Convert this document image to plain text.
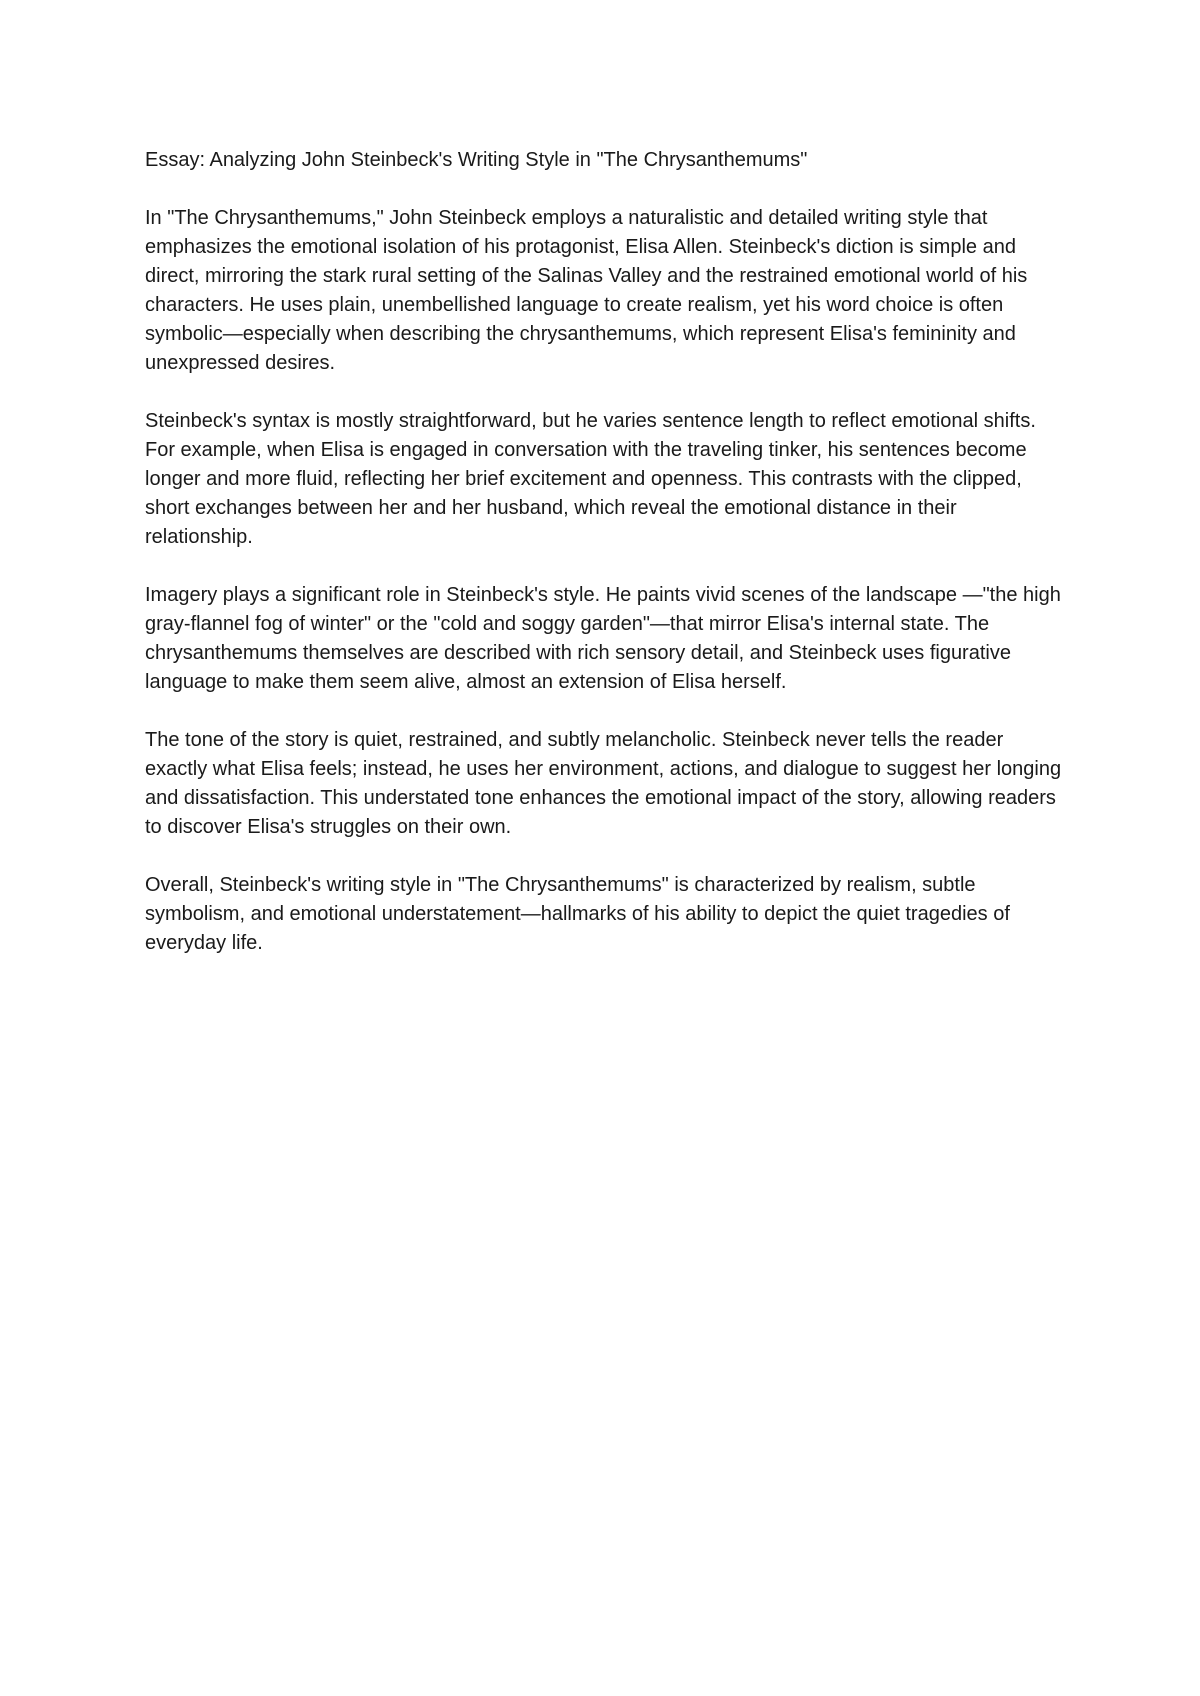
Essay: Analyzing John Steinbeck's Writing Style in "The Chrysanthemums"

In "The Chrysanthemums," John Steinbeck employs a naturalistic and detailed writing style that emphasizes the emotional isolation of his protagonist, Elisa Allen. Steinbeck's diction is simple and direct, mirroring the stark rural setting of the Salinas Valley and the restrained emotional world of his characters. He uses plain, unembellished language to create realism, yet his word choice is often symbolic—especially when describing the chrysanthemums, which represent Elisa's femininity and unexpressed desires.

Steinbeck's syntax is mostly straightforward, but he varies sentence length to reflect emotional shifts. For example, when Elisa is engaged in conversation with the traveling tinker, his sentences become longer and more fluid, reflecting her brief excitement and openness. This contrasts with the clipped, short exchanges between her and her husband, which reveal the emotional distance in their relationship.

Imagery plays a significant role in Steinbeck's style. He paints vivid scenes of the landscape —"the high gray-flannel fog of winter" or the "cold and soggy garden"—that mirror Elisa's internal state. The chrysanthemums themselves are described with rich sensory detail, and Steinbeck uses figurative language to make them seem alive, almost an extension of Elisa herself.

The tone of the story is quiet, restrained, and subtly melancholic. Steinbeck never tells the reader exactly what Elisa feels; instead, he uses her environment, actions, and dialogue to suggest her longing and dissatisfaction. This understated tone enhances the emotional impact of the story, allowing readers to discover Elisa's struggles on their own.

Overall, Steinbeck's writing style in "The Chrysanthemums" is characterized by realism, subtle symbolism, and emotional understatement—hallmarks of his ability to depict the quiet tragedies of everyday life.
